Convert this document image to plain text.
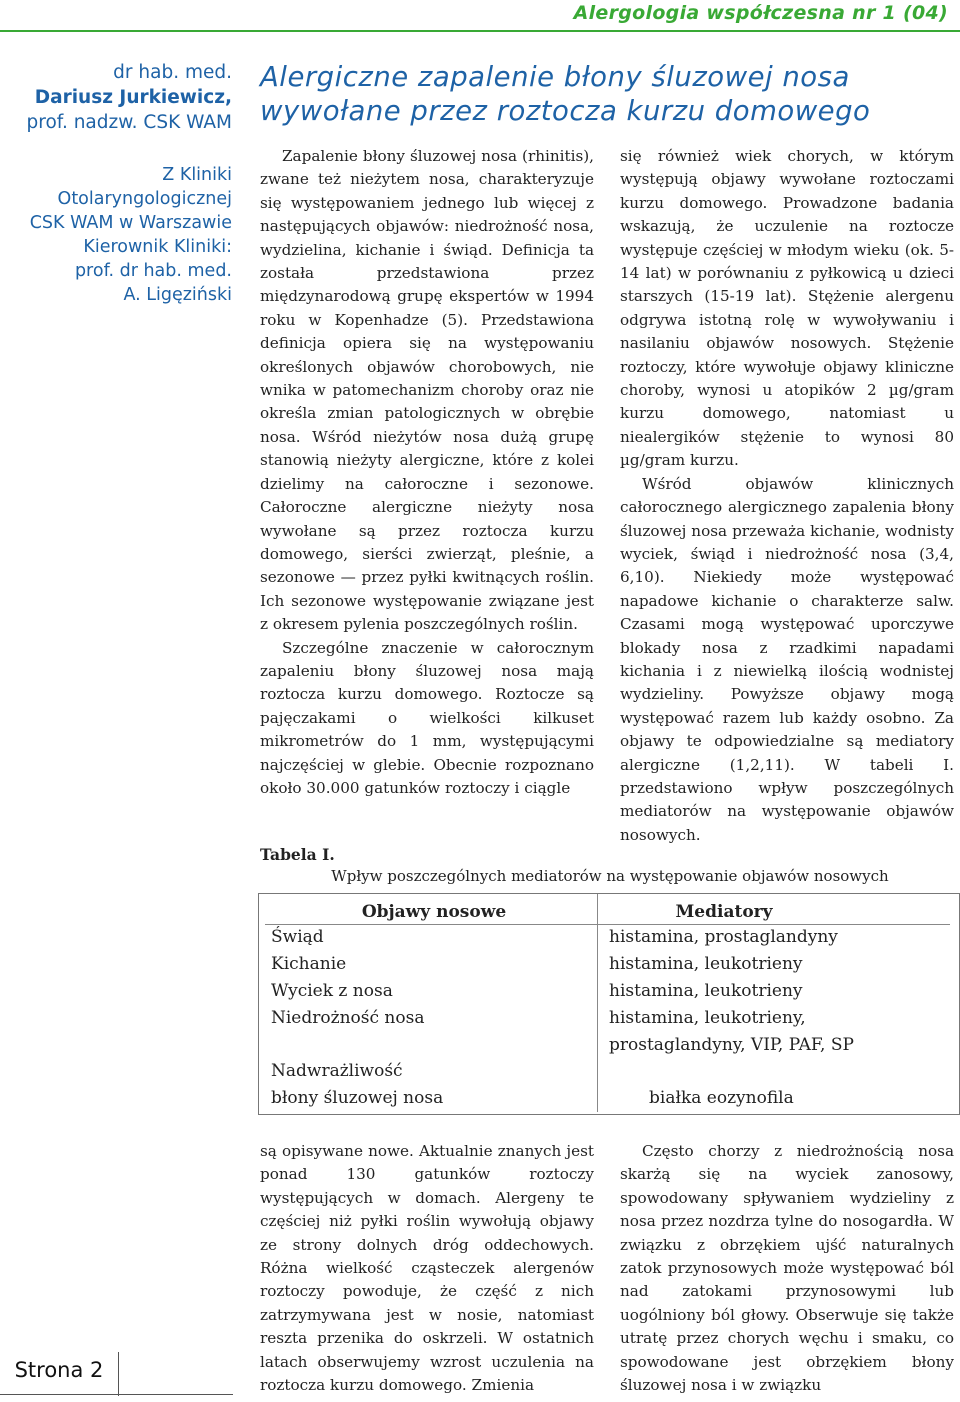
Alergologia współczesna nr 1 (04)
dr hab. med.
Dariusz Jurkiewicz,
prof. nadzw. CSK WAM
Z Kliniki
Otolaryngologicznej
CSK WAM w Warszawie
Kierownik Kliniki:
prof. dr hab. med.
A. Ligęziński
Strona 2
Alergiczne zapalenie błony śluzowej nosa
wywołane przez roztocza kurzu domowego

Zapalenie błony śluzowej nosa (rhinitis), zwane też nieżytem nosa, charakteryzuje się występowaniem jednego lub więcej z następujących objawów: niedrożność nosa, wydzielina, kichanie i świąd. Definicja ta została przedstawiona przez międzynarodową grupę ekspertów w 1994 roku w Kopenhadze (5). Przedstawiona definicja opiera się na występowaniu określonych objawów chorobowych, nie wnika w patomechanizm choroby oraz nie określa zmian patologicznych w obrębie nosa. Wśród nieżytów nosa dużą grupę stanowią nieżyty alergiczne, które z kolei dzielimy na całoroczne i sezonowe. Całoroczne alergiczne nieżyty nosa wywołane są przez roztocza kurzu domowego, sierści zwierząt, pleśnie, a sezonowe — przez pyłki kwitnących roślin. Ich sezonowe występowanie związane jest z okresem pylenia poszczególnych roślin.

Szczególne znaczenie w całorocznym zapaleniu błony śluzowej nosa mają roztocza kurzu domowego. Roztocze są pajęczakami o wielkości kilkuset mikrometrów do 1 mm, występującymi najczęściej w glebie. Obecnie rozpoznano około 30.000 gatunków roztoczy i ciągle

się również wiek chorych, w którym występują objawy wywołane roztoczami kurzu domowego. Prowadzone badania wskazują, że uczulenie na roztocze występuje częściej w młodym wieku (ok. 5-14 lat) w porównaniu z pyłkowicą u dzieci starszych (15-19 lat). Stężenie alergenu odgrywa istotną rolę w wywoływaniu i nasilaniu objawów nosowych. Stężenie roztoczy, które wywołuje objawy kliniczne choroby, wynosi u atopików 2 µg/gram kurzu domowego, natomiast u niealergików stężenie to wynosi 80 µg/gram kurzu.

Wśród objawów klinicznych całorocznego alergicznego zapalenia błony śluzowej nosa przeważa kichanie, wodnisty wyciek, świąd i niedrożność nosa (3,4, 6,10). Niekiedy może występować napadowe kichanie o charakterze salw. Czasami mogą występować uporczywe blokady nosa z rzadkimi napadami kichania i z niewielką ilością wodnistej wydzieliny. Powyższe objawy mogą występować razem lub każdy osobno. Za objawy te odpowiedzialne są mediatory alergiczne (1,2,11). W tabeli I. przedstawiono wpływ poszczególnych mediatorów na występowanie objawów nosowych.

Tabela I.
Wpływ poszczególnych mediatorów na występowanie objawów nosowych
Objawy nosowe	Mediatory
Świąd	histamina, prostaglandyny
Kichanie	histamina, leukotrieny
Wyciek z nosa	histamina, leukotrieny
Niedrożność nosa	histamina, leukotrieny,
prostaglandyny, VIP, PAF, SP
Nadwrażliwość
błony śluzowej nosa	białka eozynofila

są opisywane nowe. Aktualnie znanych jest ponad 130 gatunków roztoczy występujących w domach. Alergeny te częściej niż pyłki roślin wywołują objawy ze strony dolnych dróg oddechowych. Różna wielkość cząsteczek alergenów roztoczy powoduje, że część z nich zatrzymywana jest w nosie, natomiast reszta przenika do oskrzeli. W ostatnich latach obserwujemy wzrost uczulenia na roztocza kurzu domowego. Zmienia

Często chorzy z niedrożnością nosa skarżą się na wyciek zanosowy, spowodowany spływaniem wydzieliny z nosa przez nozdrza tylne do nosogardła. W związku z obrzękiem ujść naturalnych zatok przynosowych może występować ból nad zatokami przynosowymi lub uogólniony ból głowy. Obserwuje się także utratę przez chorych węchu i smaku, co spowodowane jest obrzękiem błony śluzowej nosa i w związku
